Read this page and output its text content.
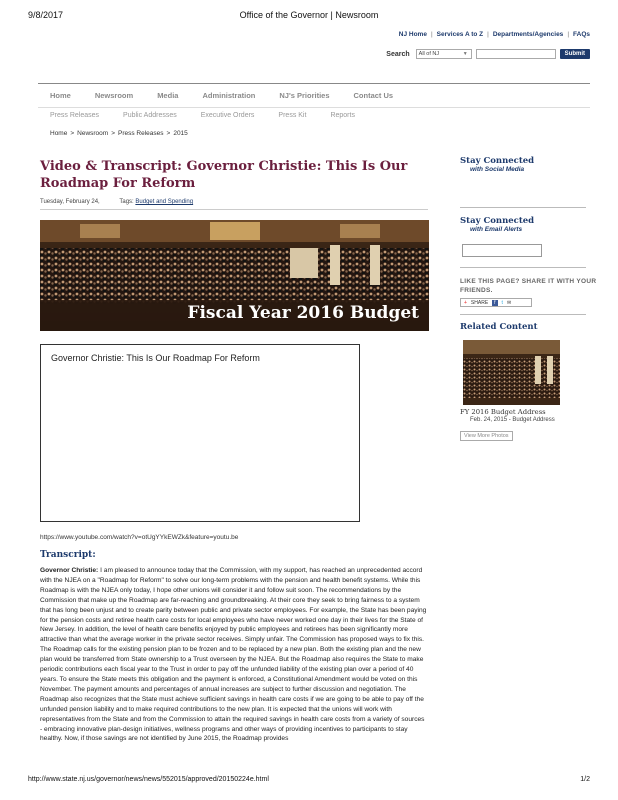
9/8/2017	Office of the Governor | Newsroom
NJ Home | Services A to Z | Departments/Agencies | FAQs
Search	All of NJ	▼	Submit
Home	Newsroom	Media	Administration	NJ's Priorities	Contact Us
Press Releases	Public Addresses	Executive Orders	Press Kit	Reports
Home > Newsroom > Press Releases > 2015
Video & Transcript: Governor Christie: This Is Our Roadmap For Reform
Tuesday, February 24,	Tags: Budget and Spending
Fiscal Year 2016 Budget
Governor Christie: This Is Our Roadmap For Reform
https://www.youtube.com/watch?v=otUgYYkEWZk&feature=youtu.be
Transcript:

Governor Christie: I am pleased to announce today that the Commission, with my support, has reached an unprecedented accord with the NJEA on a "Roadmap for Reform" to solve our long-term problems with the pension and health benefit systems. While this Roadmap is with the NJEA only today, I hope other unions will consider it and follow suit soon. The recommendations by the Commission that make up the Roadmap are far-reaching and groundbreaking. At their core they seek to bring fairness to a system that has long been unjust and to create parity between public and private sector employees. For example, the State has been paying for the pension costs and retiree health care costs for local employees who have never worked one day in their lives for the State of New Jersey. In addition, the level of health care benefits enjoyed by public employees and retirees has been significantly more attractive than what the average worker in the private sector receives. Simply unfair. The Commission has proposed ways to fix this. The Roadmap calls for the existing pension plan to be frozen and to be replaced by a new plan. Both the existing plan and the new plan would be transferred from State ownership to a Trust overseen by the NJEA. But the Roadmap also requires the State to make periodic contributions each fiscal year to the Trust in order to pay off the unfunded liability of the existing plan over a period of 40 years. To ensure the State meets this obligation and the payment is enforced, a Constitutional Amendment would be voted on this November. The payment amounts and percentages of annual increases are subject to further discussion and negotiation. The Roadmap also recognizes that the State must achieve sufficient savings in health care costs if we are going to be able to pay off the unfunded pension liability and to make required contributions to the new plan. It is expected that the unions will work with representatives from the State and from the Commission to attain the required savings in health care costs from a variety of sources - embracing innovative plan-design initiatives, wellness programs and other ways of providing incentives to participants to stay healthy. Now, if those savings are not identified by June 2015, the Roadmap provides

Stay Connected
with Social Media
Stay Connected
with Email Alerts
LIKE THIS PAGE? SHARE IT WITH YOUR FRIENDS.
+ SHARE	f	t ✉
Related Content
FY 2016 Budget Address
Feb. 24, 2015 - Budget Address
View More Photos
http://www.state.nj.us/governor/news/news/552015/approved/20150224e.html	1/2
